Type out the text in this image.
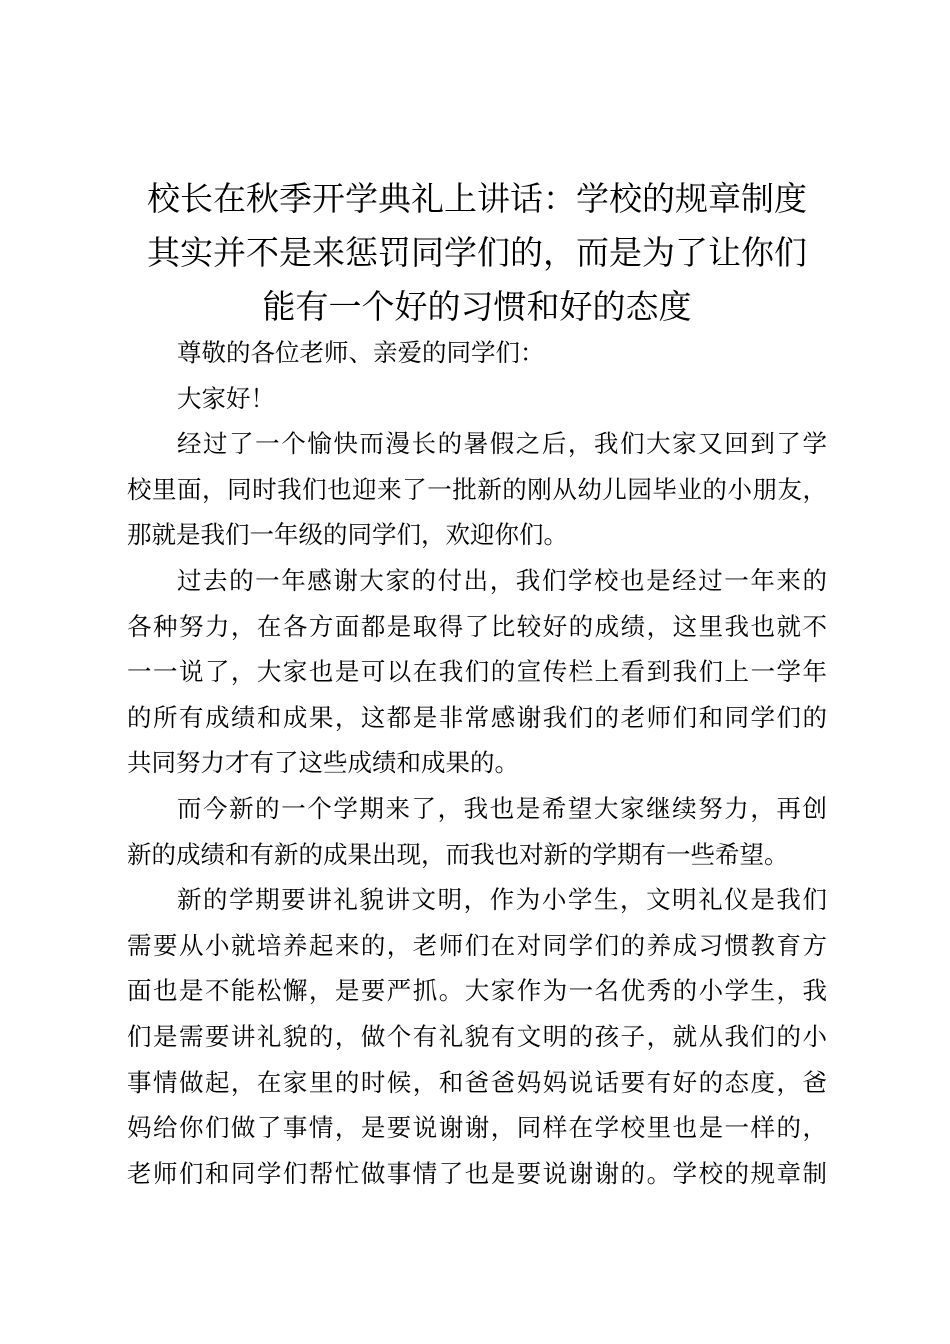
校长在秋季开学典礼上讲话：学校的规章制度
其实并不是来惩罚同学们的，而是为了让你们
能有一个好的习惯和好的态度
尊敬的各位老师、亲爱的同学们：
大家好！
经过了一个愉快而漫长的暑假之后，我们大家又回到了学
校里面，同时我们也迎来了一批新的刚从幼儿园毕业的小朋友，
那就是我们一年级的同学们，欢迎你们。
过去的一年感谢大家的付出，我们学校也是经过一年来的
各种努力，在各方面都是取得了比较好的成绩，这里我也就不
一一说了，大家也是可以在我们的宣传栏上看到我们上一学年
的所有成绩和成果，这都是非常感谢我们的老师们和同学们的
共同努力才有了这些成绩和成果的。
而今新的一个学期来了，我也是希望大家继续努力，再创
新的成绩和有新的成果出现，而我也对新的学期有一些希望。
新的学期要讲礼貌讲文明，作为小学生，文明礼仪是我们
需要从小就培养起来的，老师们在对同学们的养成习惯教育方
面也是不能松懈，是要严抓。大家作为一名优秀的小学生，我
们是需要讲礼貌的，做个有礼貌有文明的孩子，就从我们的小
事情做起，在家里的时候，和爸爸妈妈说话要有好的态度，爸
妈给你们做了事情，是要说谢谢，同样在学校里也是一样的，
老师们和同学们帮忙做事情了也是要说谢谢的。学校的规章制
